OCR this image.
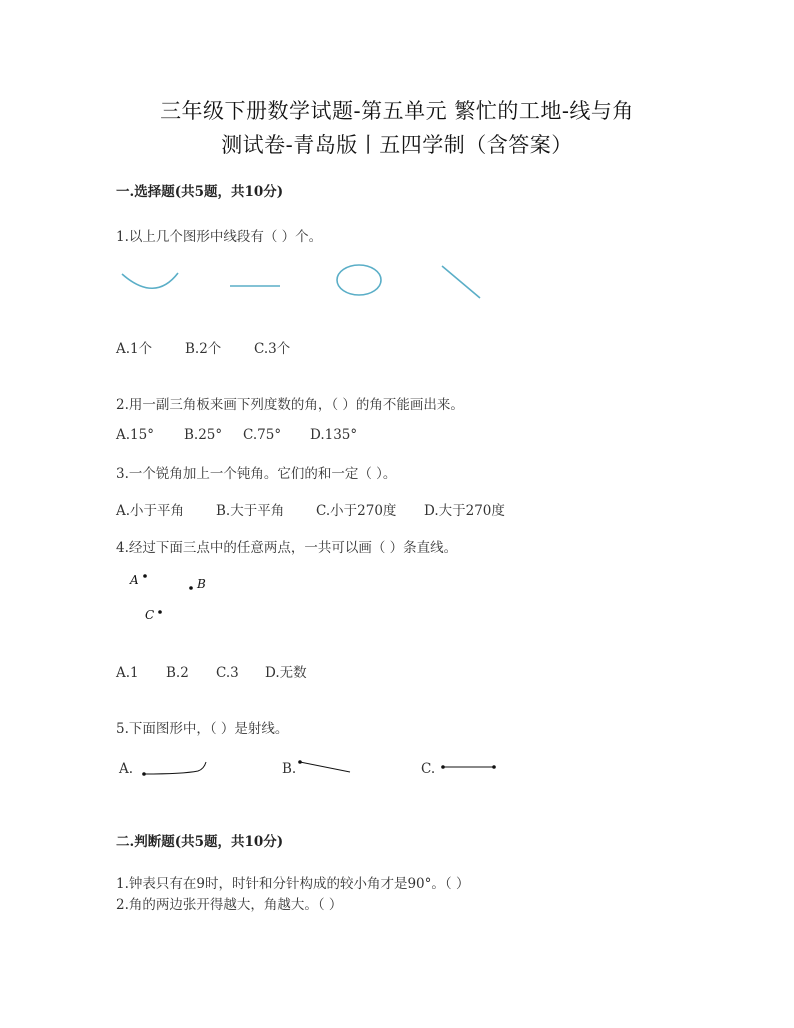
三年级下册数学试题-第五单元 繁忙的工地-线与角
测试卷-青岛版丨五四学制（含答案）
一.选择题(共5题，共10分)
1.以上几个图形中线段有（ ）个。
A.1个 B.2个 C.3个
2.用一副三角板来画下列度数的角，（ ）的角不能画出来。
A.15° B.25° C.75° D.135°
3.一个锐角加上一个钝角。它们的和一定（ ）。
A.小于平角 B.大于平角 C.小于270度 D.大于270度
4.经过下面三点中的任意两点，一共可以画（ ）条直线。
A	B
C
A.1 B.2 C.3 D.无数
5.下面图形中，（ ）是射线。
A.	B.	C.
二.判断题(共5题，共10分)
1.钟表只有在9时，时针和分针构成的较小角才是90°。（ ）
2.角的两边张开得越大，角越大。（ ）
